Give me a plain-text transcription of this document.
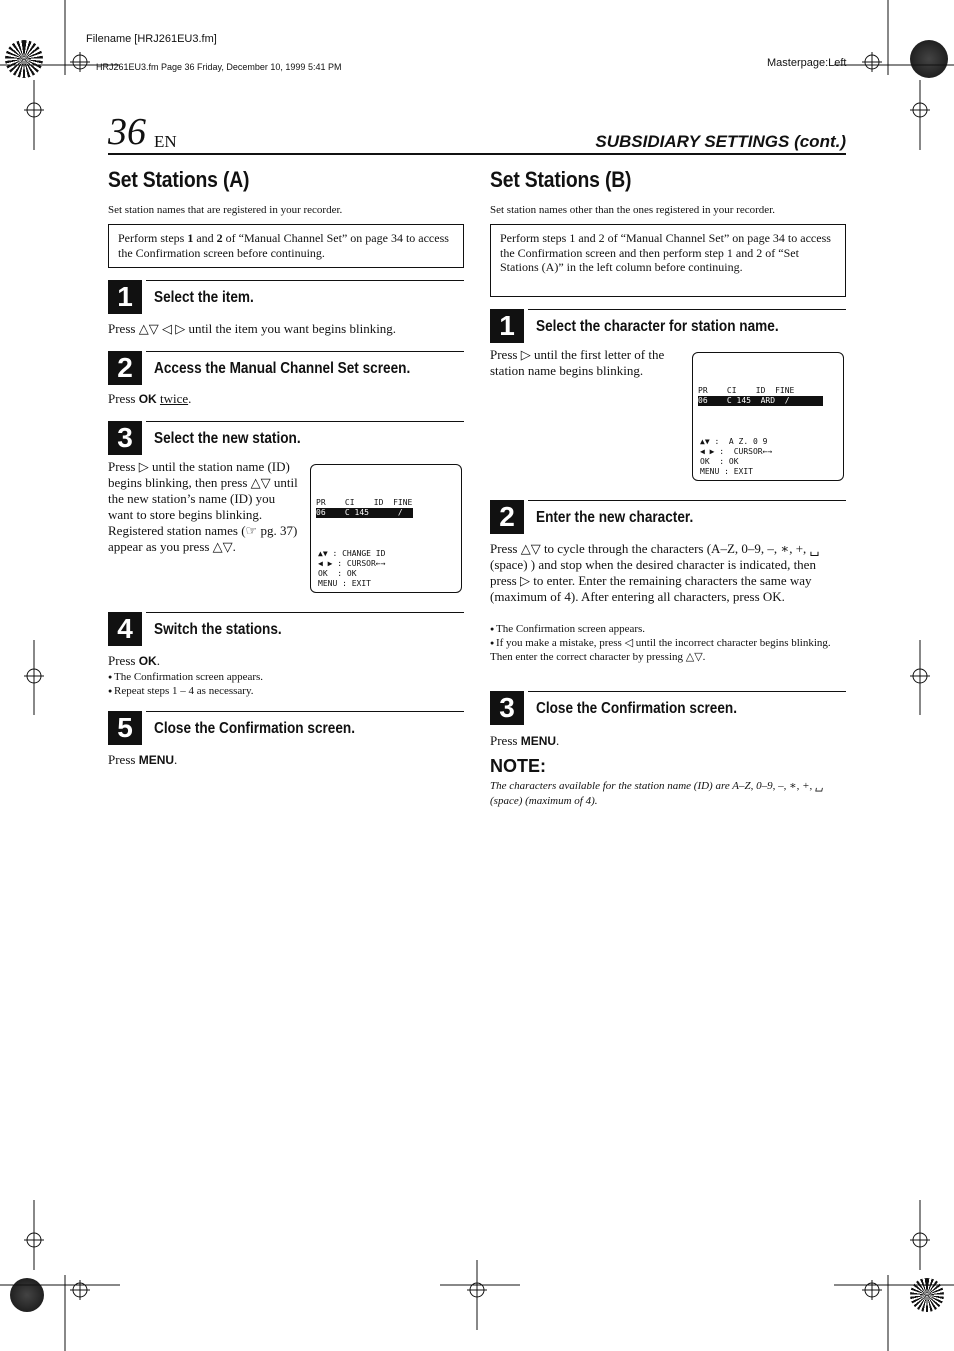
Filename [HRJ261EU3.fm]
HRJ261EU3.fm Page 36 Friday, December 10, 1999 5:41 PM	Masterpage:Left
36 EN	SUBSIDIARY SETTINGS (cont.)
Set Stations (A)
Set station names that are registered in your recorder.
Perform steps 1 and 2 of “Manual Channel Set” on page 34 to access the Confirmation screen before continuing.
1	Select the item.
Press △▽ ◁ ▷ until the item you want begins blinking.
2	Access the Manual Channel Set screen.
Press OK twice.
3	Select the new station.
Press ▷ until the station name (ID) begins blinking, then press △▽ until the new station’s name (ID) you want to store begins blinking. Registered station names (☞ pg. 37) appear as you press △▽.
PR    CI    ID  FINE
06    C 145      /
▲▼ : CHANGE ID
◀ ▶ : CURSOR←→
OK  : OK
MENU : EXIT
4	Switch the stations.
Press OK.
● The Confirmation screen appears.
● Repeat steps 1 – 4 as necessary.
5	Close the Confirmation screen.
Press MENU.
Set Stations (B)
Set station names other than the ones registered in your recorder.
Perform steps 1 and 2 of “Manual Channel Set” on page 34 to access the Confirmation screen and then perform step 1 and 2 of “Set Stations (A)” in the left column before continuing.
1	Select the character for station name.
Press ▷ until the first letter of the station name begins blinking.
PR    CI    ID  FINE
06    C 145  ARD  /
▲▼ :  A Z. 0 9
◀ ▶ :  CURSOR←→
OK  : OK
MENU : EXIT
2	Enter the new character.
Press △▽ to cycle through the characters (A–Z, 0–9, –, ∗, +, ␣ (space) ) and stop when the desired character is indicated, then press ▷ to enter. Enter the remaining characters the same way (maximum of 4). After entering all characters, press OK.
● The Confirmation screen appears.
● If you make a mistake, press ◁ until the incorrect character begins blinking. Then enter the correct character by pressing △▽.
3	Close the Confirmation screen.
Press MENU.
NOTE:
The characters available for the station name (ID) are A–Z, 0–9, –, ∗, +, ␣ (space) (maximum of 4).
